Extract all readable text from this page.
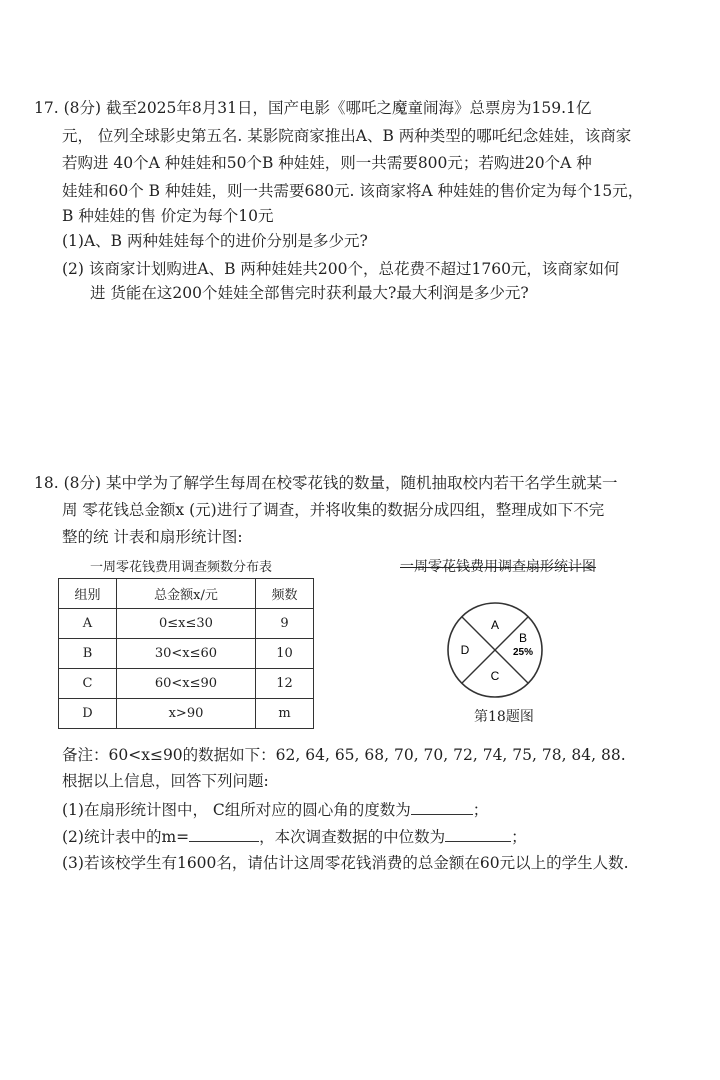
17. (8分) 截至2025年8月31日，国产电影《哪吒之魔童闹海》总票房为159.1亿
元， 位列全球影史第五名. 某影院商家推出A、B 两种类型的哪吒纪念娃娃，该商家
若购进 40个A 种娃娃和50个B 种娃娃，则一共需要800元；若购进20个A 种
娃娃和60个 B 种娃娃，则一共需要680元. 该商家将A 种娃娃的售价定为每个15元，
B 种娃娃的售 价定为每个10元
(1)A、B 两种娃娃每个的进价分别是多少元?
(2) 该商家计划购进A、B 两种娃娃共200个，总花费不超过1760元，该商家如何
进 货能在这200个娃娃全部售完时获利最大?最大利润是多少元?
18. (8分) 某中学为了解学生每周在校零花钱的数量，随机抽取校内若干名学生就某一
周 零花钱总金额x (元)进行了调查，并将收集的数据分成四组，整理成如下不完
整的统 计表和扇形统计图:
一周零花钱费用调查频数分布表	一周零花钱费用调查扇形统计图
组别	总金额x/元	频数
A	0≤x≤30	9
B	30<x≤60	10
C	60<x≤90	12
D	x>90	m
A
B
25%
C
D
第18题图
备注：60<x≤90的数据如下：62, 64, 65, 68, 70, 70, 72, 74, 75, 78, 84, 88.
根据以上信息，回答下列问题:
(1)在扇形统计图中， C组所对应的圆心角的度数为	；
(2)统计表中的m=	，本次调查数据的中位数为	；
(3)若该校学生有1600名，请估计这周零花钱消费的总金额在60元以上的学生人数.
